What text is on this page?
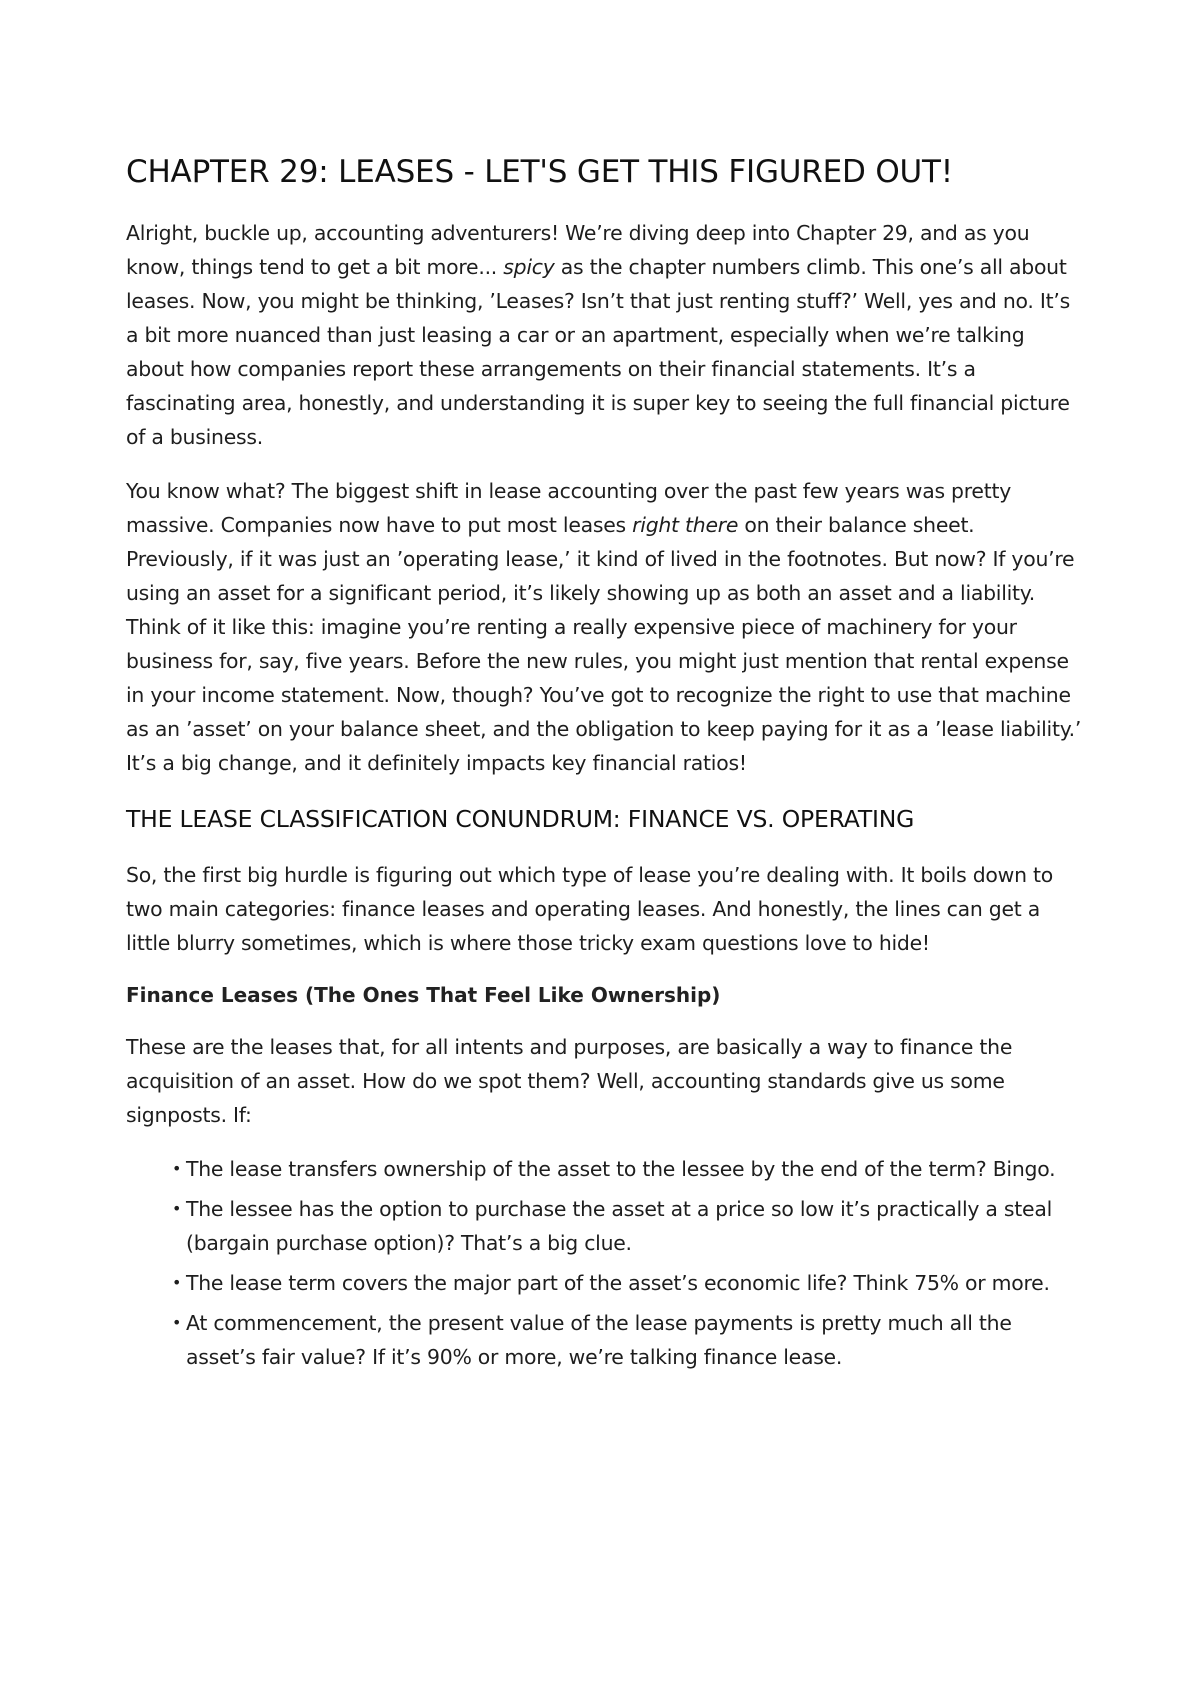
CHAPTER 29: LEASES - LET'S GET THIS FIGURED OUT!

Alright, buckle up, accounting adventurers! We’re diving deep into Chapter 29, and as you know, things tend to get a bit more... spicy as the chapter numbers climb. This one’s all about leases. Now, you might be thinking, ’Leases? Isn’t that just renting stuff?’ Well, yes and no. It’s a bit more nuanced than just leasing a car or an apartment, especially when we’re talking about how companies report these arrangements on their financial statements. It’s a fascinating area, honestly, and understanding it is super key to seeing the full financial picture of a business.

You know what? The biggest shift in lease accounting over the past few years was pretty massive. Companies now have to put most leases right there on their balance sheet. Previously, if it was just an ’operating lease,’ it kind of lived in the footnotes. But now? If you’re using an asset for a significant period, it’s likely showing up as both an asset and a liability. Think of it like this: imagine you’re renting a really expensive piece of machinery for your business for, say, five years. Before the new rules, you might just mention that rental expense in your income statement. Now, though? You’ve got to recognize the right to use that machine as an ’asset’ on your balance sheet, and the obligation to keep paying for it as a ’lease liability.’ It’s a big change, and it definitely impacts key financial ratios!

THE LEASE CLASSIFICATION CONUNDRUM: FINANCE VS. OPERATING

So, the first big hurdle is figuring out which type of lease you’re dealing with. It boils down to two main categories: finance leases and operating leases. And honestly, the lines can get a little blurry sometimes, which is where those tricky exam questions love to hide!

Finance Leases (The Ones That Feel Like Ownership)

These are the leases that, for all intents and purposes, are basically a way to finance the acquisition of an asset. How do we spot them? Well, accounting standards give us some signposts. If:

• The lease transfers ownership of the asset to the lessee by the end of the term? Bingo.
• The lessee has the option to purchase the asset at a price so low it’s practically a steal (bargain purchase option)? That’s a big clue.
• The lease term covers the major part of the asset’s economic life? Think 75% or more.
• At commencement, the present value of the lease payments is pretty much all the asset’s fair value? If it’s 90% or more, we’re talking finance lease.
